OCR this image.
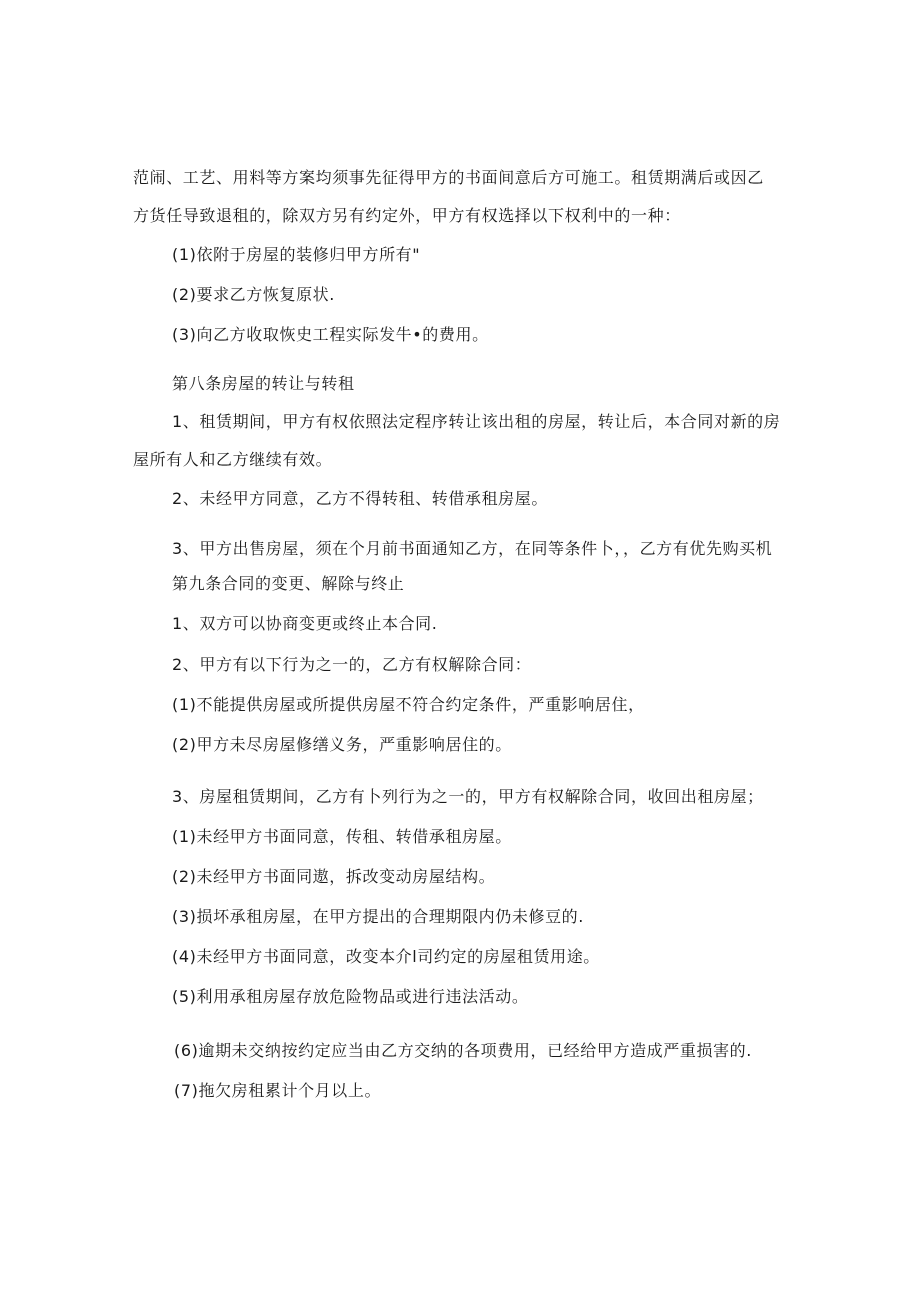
范闹、工艺、用料等方案均须事先征得甲方的书面间意后方可施工。租赁期满后或因乙
方货任导致退租的，除双方另有约定外，甲方有权选择以下权利中的一种：
(1)依附于房屋的装修归甲方所有"
(2)要求乙方恢复原状.
(3)向乙方收取恢史工程实际发牛•的费用。
第八条房屋的转让与转租
1、租赁期间，甲方有权依照法定程序转让该出租的房屋，转让后，本合同对新的房
屋所有人和乙方继续有效。
2、未经甲方同意，乙方不得转租、转借承租房屋。
3、甲方出售房屋，须在个月前书面通知乙方，在同等条件卜，，乙方有优先购买机
第九条合同的变更、解除与终止
1、双方可以协商变更或终止本合同.
2、甲方有以下行为之一的，乙方有权解除合同：
(1)不能提供房屋或所提供房屋不符合约定条件，严重影响居住，
(2)甲方未尽房屋修缮义务，严重影响居住的。
3、房屋租赁期间，乙方有卜列行为之一的，甲方有权解除合同，收回出租房屋；
(1)未经甲方书面同意，传租、转借承租房屋。
(2)未经甲方书面同遨，拆改变动房屋结构。
(3)损坏承租房屋，在甲方提出的合理期限内仍未修豆的.
(4)未经甲方书面同意，改变本介l司约定的房屋租赁用途。
(5)利用承租房屋存放危险物品或进行违法活动。
(6)逾期未交纳按约定应当由乙方交纳的各项费用，已经给甲方造成严重损害的.
(7)拖欠房租累计个月以上。
